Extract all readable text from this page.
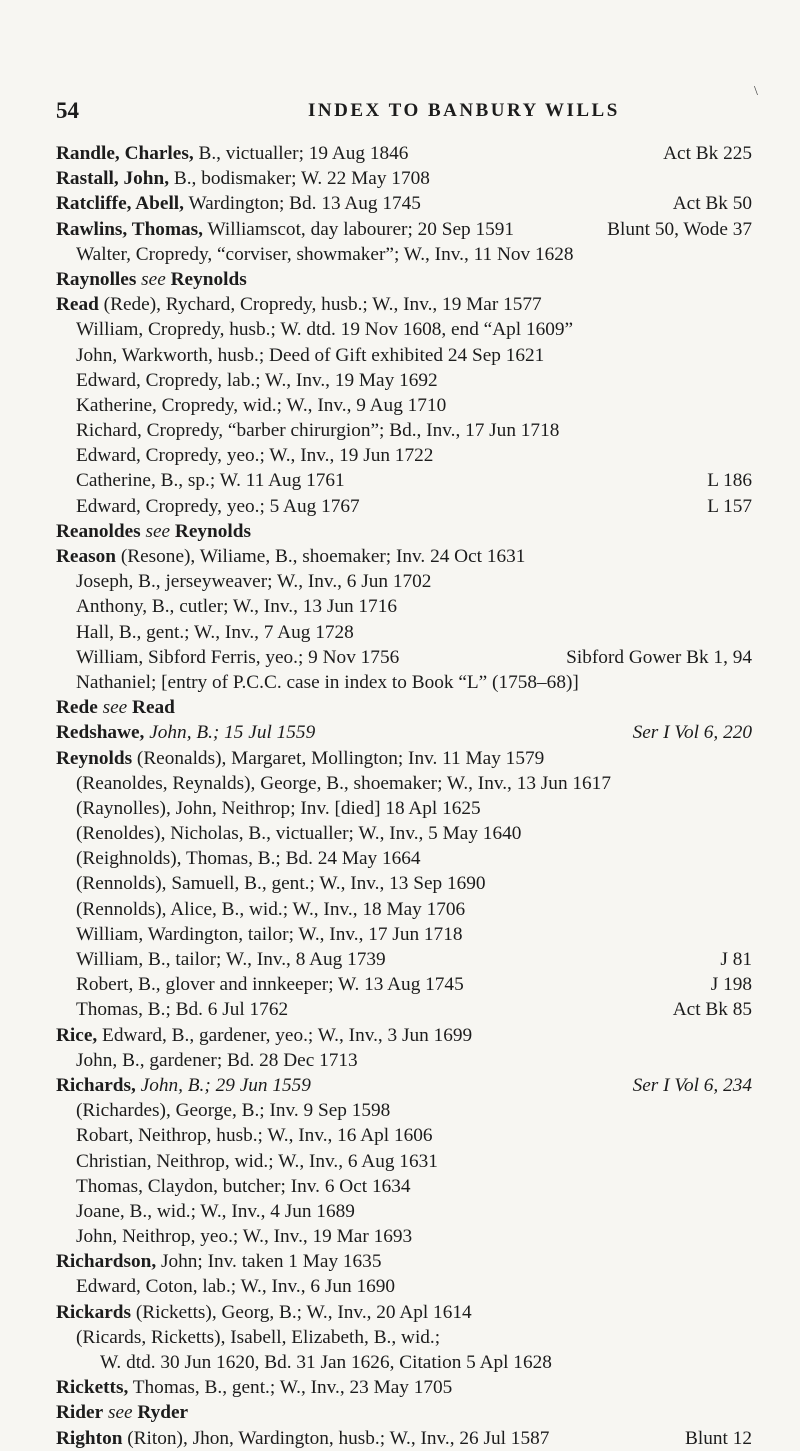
54	INDEX TO BANBURY WILLS
\
Randle, Charles, B., victualler; 19 Aug 1846	Act Bk 225
Rastall, John, B., bodismaker; W. 22 May 1708
Ratcliffe, Abell, Wardington; Bd. 13 Aug 1745	Act Bk 50
Rawlins, Thomas, Williamscot, day labourer; 20 Sep 1591	Blunt 50, Wode 37
Walter, Cropredy, “corviser, showmaker”; W., Inv., 11 Nov 1628
Raynolles see Reynolds
Read (Rede), Rychard, Cropredy, husb.; W., Inv., 19 Mar 1577
William, Cropredy, husb.; W. dtd. 19 Nov 1608, end “Apl 1609”
John, Warkworth, husb.; Deed of Gift exhibited 24 Sep 1621
Edward, Cropredy, lab.; W., Inv., 19 May 1692
Katherine, Cropredy, wid.; W., Inv., 9 Aug 1710
Richard, Cropredy, “barber chirurgion”; Bd., Inv., 17 Jun 1718
Edward, Cropredy, yeo.; W., Inv., 19 Jun 1722
Catherine, B., sp.; W. 11 Aug 1761	L 186
Edward, Cropredy, yeo.; 5 Aug 1767	L 157
Reanoldes see Reynolds
Reason (Resone), Wiliame, B., shoemaker; Inv. 24 Oct 1631
Joseph, B., jerseyweaver; W., Inv., 6 Jun 1702
Anthony, B., cutler; W., Inv., 13 Jun 1716
Hall, B., gent.; W., Inv., 7 Aug 1728
William, Sibford Ferris, yeo.; 9 Nov 1756	Sibford Gower Bk 1, 94
Nathaniel; [entry of P.C.C. case in index to Book “L” (1758–68)]
Rede see Read
Redshawe, John, B.; 15 Jul 1559	Ser I Vol 6, 220
Reynolds (Reonalds), Margaret, Mollington; Inv. 11 May 1579
(Reanoldes, Reynalds), George, B., shoemaker; W., Inv., 13 Jun 1617
(Raynolles), John, Neithrop; Inv. [died] 18 Apl 1625
(Renoldes), Nicholas, B., victualler; W., Inv., 5 May 1640
(Reighnolds), Thomas, B.; Bd. 24 May 1664
(Rennolds), Samuell, B., gent.; W., Inv., 13 Sep 1690
(Rennolds), Alice, B., wid.; W., Inv., 18 May 1706
William, Wardington, tailor; W., Inv., 17 Jun 1718
William, B., tailor; W., Inv., 8 Aug 1739	J 81
Robert, B., glover and innkeeper; W. 13 Aug 1745	J 198
Thomas, B.; Bd. 6 Jul 1762	Act Bk 85
Rice, Edward, B., gardener, yeo.; W., Inv., 3 Jun 1699
John, B., gardener; Bd. 28 Dec 1713
Richards, John, B.; 29 Jun 1559	Ser I Vol 6, 234
(Richardes), George, B.; Inv. 9 Sep 1598
Robart, Neithrop, husb.; W., Inv., 16 Apl 1606
Christian, Neithrop, wid.; W., Inv., 6 Aug 1631
Thomas, Claydon, butcher; Inv. 6 Oct 1634
Joane, B., wid.; W., Inv., 4 Jun 1689
John, Neithrop, yeo.; W., Inv., 19 Mar 1693
Richardson, John; Inv. taken 1 May 1635
Edward, Coton, lab.; W., Inv., 6 Jun 1690
Rickards (Ricketts), Georg, B.; W., Inv., 20 Apl 1614
(Ricards, Ricketts), Isabell, Elizabeth, B., wid.;
W. dtd. 30 Jun 1620, Bd. 31 Jan 1626, Citation 5 Apl 1628
Ricketts, Thomas, B., gent.; W., Inv., 23 May 1705
Rider see Ryder
Righton (Riton), Jhon, Wardington, husb.; W., Inv., 26 Jul 1587	Blunt 12
